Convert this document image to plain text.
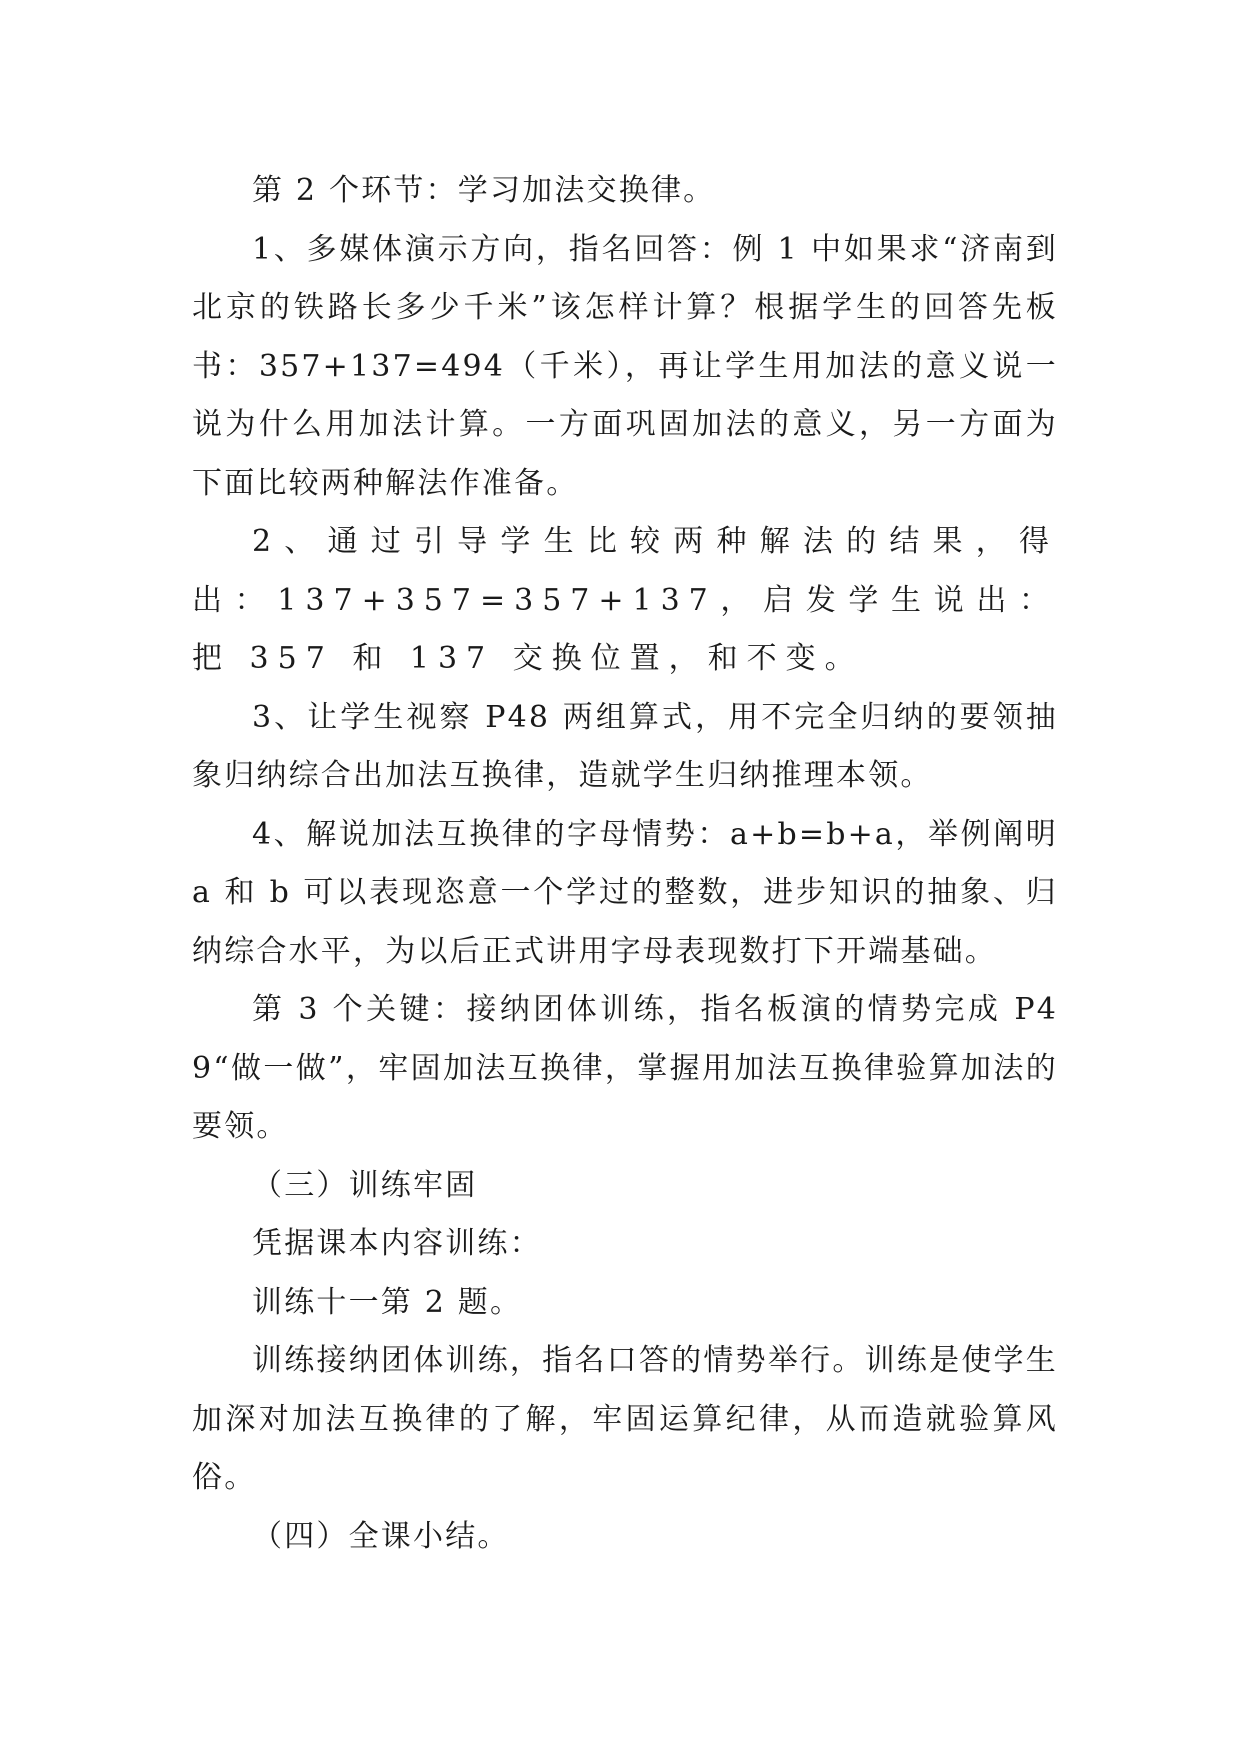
第 2 个环节：学习加法交换律。

1、多媒体演示方向，指名回答：例 1 中如果求“济南到北京的铁路长多少千米”该怎样计算？根据学生的回答先板书：357+137=494（千米），再让学生用加法的意义说一说为什么用加法计算。一方面巩固加法的意义，另一方面为下面比较两种解法作准备。

2、通过引导学生比较两种解法的结果，得出：137+357=357+137，启发学生说出：把 357 和 137 交换位置，和不变。

3、让学生视察 P48 两组算式，用不完全归纳的要领抽象归纳综合出加法互换律，造就学生归纳推理本领。

4、解说加法互换律的字母情势：a+b=b+a，举例阐明 a 和 b 可以表现恣意一个学过的整数，进步知识的抽象、归纳综合水平，为以后正式讲用字母表现数打下开端基础。

第 3 个关键：接纳团体训练，指名板演的情势完成 P49“做一做”，牢固加法互换律，掌握用加法互换律验算加法的要领。

（三）训练牢固

凭据课本内容训练：

训练十一第 2 题。

训练接纳团体训练，指名口答的情势举行。训练是使学生加深对加法互换律的了解，牢固运算纪律，从而造就验算风俗。

（四）全课小结。
